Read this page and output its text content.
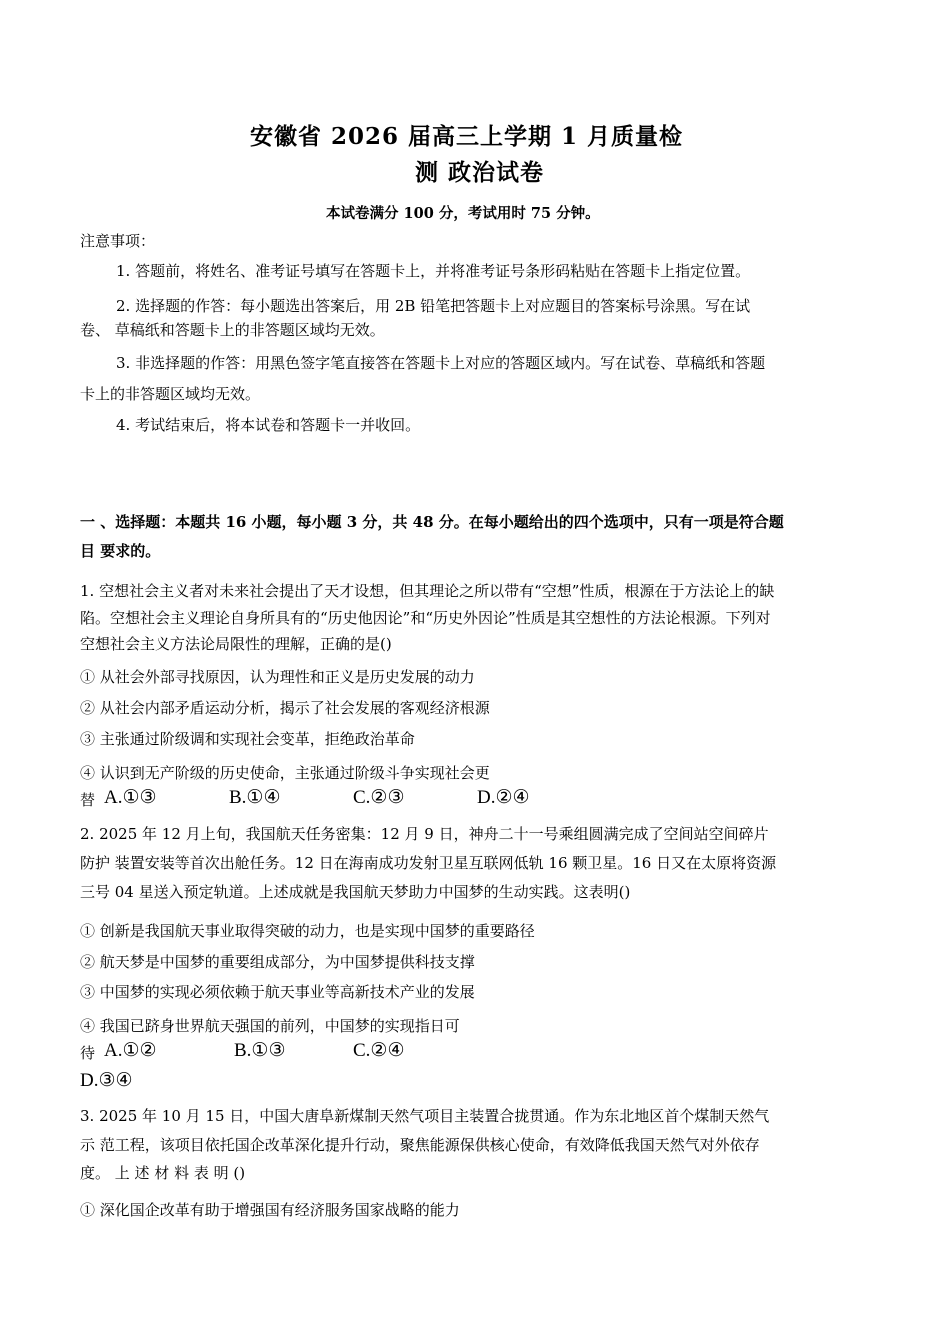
安徽省 2026 届高三上学期 1 月质量检
测 政治试卷
本试卷满分 100 分，考试用时 75 分钟。
注意事项：
1. 答题前，将姓名、准考证号填写在答题卡上，并将准考证号条形码粘贴在答题卡上指定位置。
2. 选择题的作答：每小题选出答案后，用 2B 铅笔把答题卡上对应题目的答案标号涂黑。写在试
卷、 草稿纸和答题卡上的非答题区域均无效。
3. 非选择题的作答：用黑色签字笔直接答在答题卡上对应的答题区域内。写在试卷、草稿纸和答题
卡上的非答题区域均无效。
4. 考试结束后，将本试卷和答题卡一并收回。
一 、选择题：本题共 16 小题，每小题 3 分，共 48 分。在每小题给出的四个选项中，只有一项是符合题
目 要求的。
1. 空想社会主义者对未来社会提出了天才设想，但其理论之所以带有“空想”性质，根源在于方法论上的缺
陷。空想社会主义理论自身所具有的“历史他因论”和“历史外因论”性质是其空想性的方法论根源。下列对
空想社会主义方法论局限性的理解，正确的是()
① 从社会外部寻找原因，认为理性和正义是历史发展的动力
② 从社会内部矛盾运动分析，揭示了社会发展的客观经济根源
③ 主张通过阶级调和实现社会变革，拒绝政治革命
④ 认识到无产阶级的历史使命，主张通过阶级斗争实现社会更
替 A.①③	B.①④	C.②③	D.②④
2. 2025 年 12 月上旬，我国航天任务密集：12 月 9 日，神舟二十一号乘组圆满完成了空间站空间碎片
防护 装置安装等首次出舱任务。12 日在海南成功发射卫星互联网低轨 16 颗卫星。16 日又在太原将资源
三号 04 星送入预定轨道。上述成就是我国航天梦助力中国梦的生动实践。这表明()
① 创新是我国航天事业取得突破的动力，也是实现中国梦的重要路径
② 航天梦是中国梦的重要组成部分，为中国梦提供科技支撑
③ 中国梦的实现必须依赖于航天事业等高新技术产业的发展
④ 我国已跻身世界航天强国的前列，中国梦的实现指日可
待 A.①②	B.①③	C.②④
D.③④
3. 2025 年 10 月 15 日，中国大唐阜新煤制天然气项目主装置合拢贯通。作为东北地区首个煤制天然气
示 范工程，该项目依托国企改革深化提升行动，聚焦能源保供核心使命，有效降低我国天然气对外依存
度。 上 述 材 料 表 明 ()
① 深化国企改革有助于增强国有经济服务国家战略的能力
